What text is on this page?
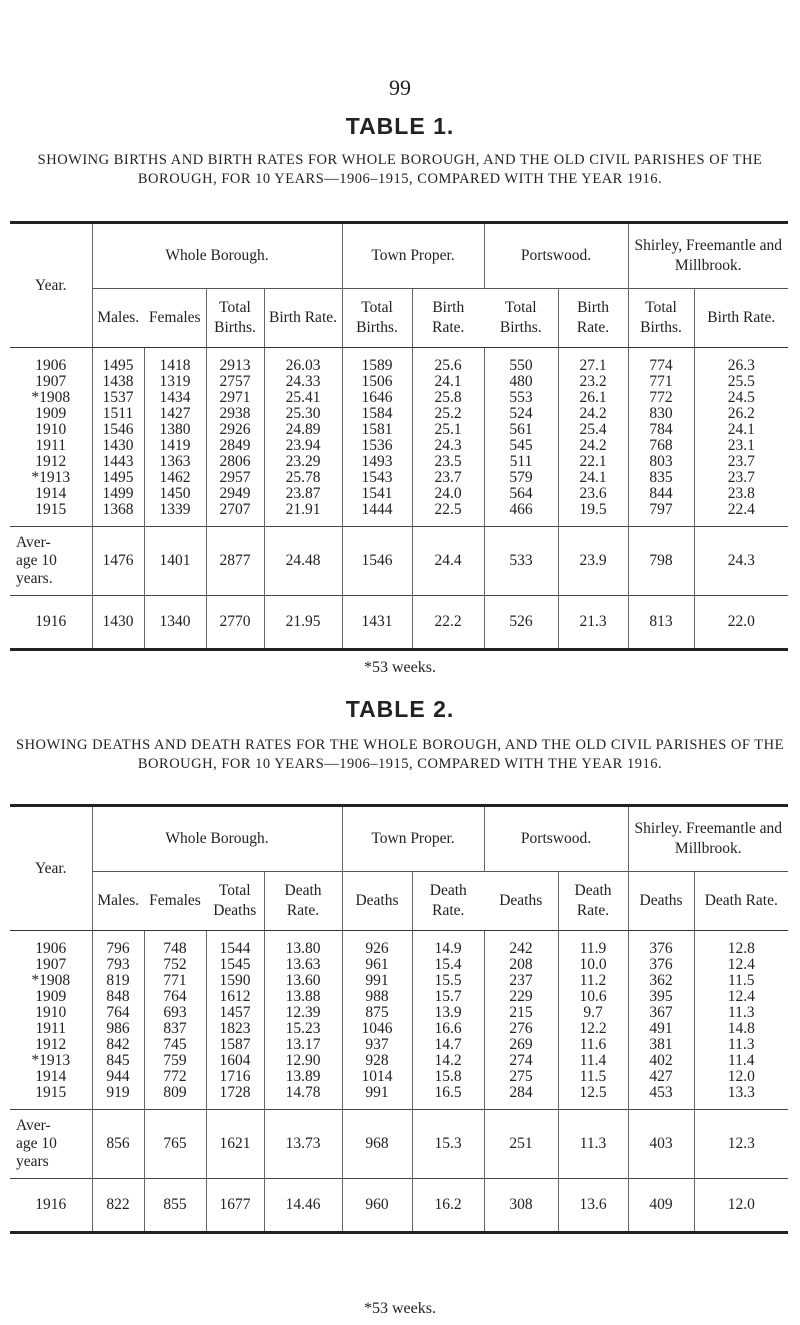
99
TABLE 1.
SHOWING BIRTHS AND BIRTH RATES FOR WHOLE BOROUGH, AND THE OLD CIVIL PARISHES OF THE BOROUGH, FOR 10 YEARS—1906–1915, COMPARED WITH THE YEAR 1916.
Year.	Whole Borough.				Town Proper.		Portswood.		Shirley, Freemantle and Millbrook.	
	Males.	Females	Total Births.	Birth Rate.	Total Births.	Birth Rate.	Total Births.	Birth Rate.	Total Births.	Birth Rate.
1906	1495	1418	2913	26.03	1589	25.6	550	27.1	774	26.3
1907	1438	1319	2757	24.33	1506	24.1	480	23.2	771	25.5
*1908	1537	1434	2971	25.41	1646	25.8	553	26.1	772	24.5
1909	1511	1427	2938	25.30	1584	25.2	524	24.2	830	26.2
1910	1546	1380	2926	24.89	1581	25.1	561	25.4	784	24.1
1911	1430	1419	2849	23.94	1536	24.3	545	24.2	768	23.1
1912	1443	1363	2806	23.29	1493	23.5	511	22.1	803	23.7
*1913	1495	1462	2957	25.78	1543	23.7	579	24.1	835	23.7
1914	1499	1450	2949	23.87	1541	24.0	564	23.6	844	23.8
1915	1368	1339	2707	21.91	1444	22.5	466	19.5	797	22.4
Aver-
age 10
years.	1476	1401	2877	24.48	1546	24.4	533	23.9	798	24.3
1916	1430	1340	2770	21.95	1431	22.2	526	21.3	813	22.0
*53 weeks.
TABLE 2.
SHOWING DEATHS AND DEATH RATES FOR THE WHOLE BOROUGH, AND THE OLD CIVIL PARISHES OF THE BOROUGH, FOR 10 YEARS—1906–1915, COMPARED WITH THE YEAR 1916.
Year.	Whole Borough.				Town Proper.		Portswood.		Shirley. Freemantle and Millbrook.	
	Males.	Females	Total Deaths	Death Rate.	Deaths	Death Rate.	Deaths	Death Rate.	Deaths	Death Rate.
1906	796	748	1544	13.80	926	14.9	242	11.9	376	12.8
1907	793	752	1545	13.63	961	15.4	208	10.0	376	12.4
*1908	819	771	1590	13.60	991	15.5	237	11.2	362	11.5
1909	848	764	1612	13.88	988	15.7	229	10.6	395	12.4
1910	764	693	1457	12.39	875	13.9	215	9.7	367	11.3
1911	986	837	1823	15.23	1046	16.6	276	12.2	491	14.8
1912	842	745	1587	13.17	937	14.7	269	11.6	381	11.3
*1913	845	759	1604	12.90	928	14.2	274	11.4	402	11.4
1914	944	772	1716	13.89	1014	15.8	275	11.5	427	12.0
1915	919	809	1728	14.78	991	16.5	284	12.5	453	13.3
Aver-
age 10
years	856	765	1621	13.73	968	15.3	251	11.3	403	12.3
1916	822	855	1677	14.46	960	16.2	308	13.6	409	12.0
*53 weeks.
